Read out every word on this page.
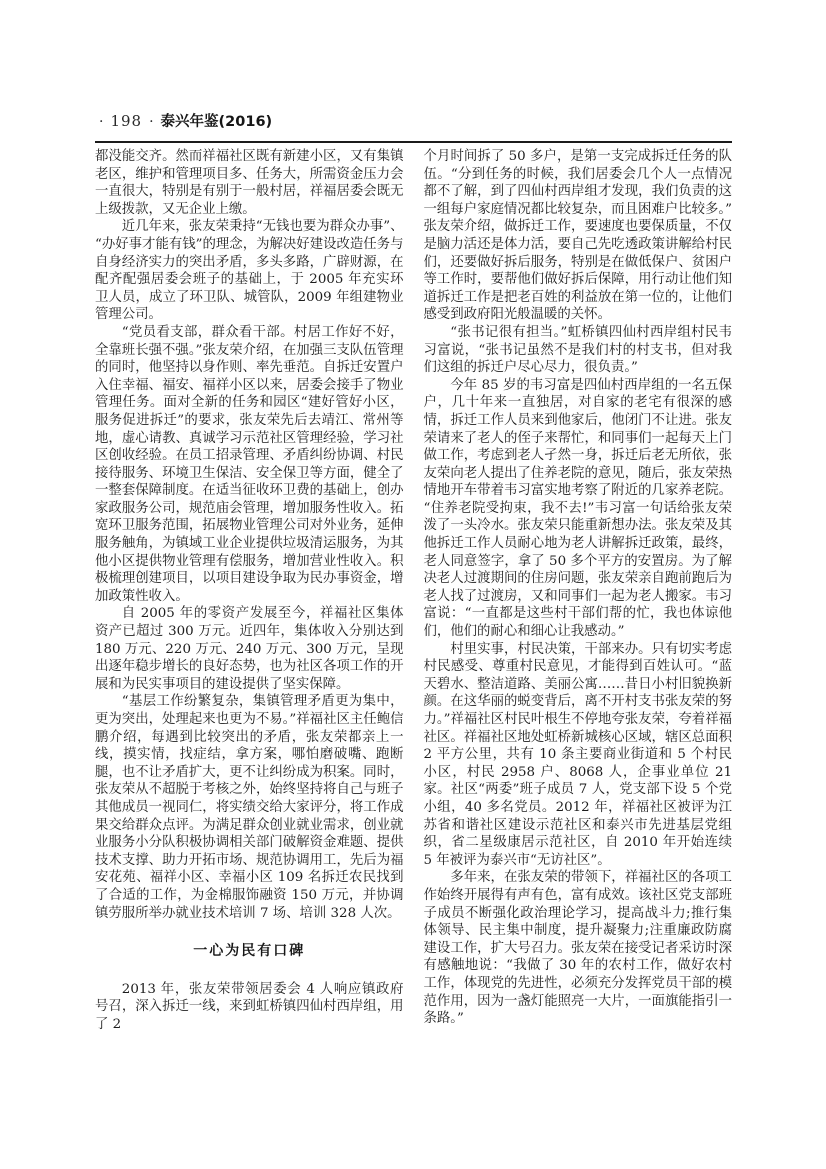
· 198 · 泰兴年鉴(2016)

都没能交齐。然而祥福社区既有新建小区，又有集镇老区，维护和管理项目多、任务大，所需资金压力会一直很大，特别是有别于一般村居，祥福居委会既无上级拨款，又无企业上缴。

近几年来，张友荣秉持“无钱也要为群众办事”、“办好事才能有钱”的理念，为解决好建设改造任务与自身经济实力的突出矛盾，多头多路，广辟财源，在配齐配强居委会班子的基础上，于 2005 年充实环卫人员，成立了环卫队、城管队，2009 年组建物业管理公司。

“党员看支部，群众看干部。村居工作好不好，全靠班长强不强。”张友荣介绍，在加强三支队伍管理的同时，他坚持以身作则、率先垂范。自拆迁安置户入住幸福、福安、福祥小区以来，居委会接手了物业管理任务。面对全新的任务和园区“建好管好小区，服务促进拆迁”的要求，张友荣先后去靖江、常州等地，虚心请教、真诚学习示范社区管理经验，学习社区创收经验。在员工招录管理、矛盾纠纷协调、村民接待服务、环境卫生保洁、安全保卫等方面，健全了一整套保障制度。在适当征收环卫费的基础上，创办家政服务公司，规范庙会管理，增加服务性收入。拓宽环卫服务范围，拓展物业管理公司对外业务，延伸服务触角，为镇域工业企业提供垃圾清运服务，为其他小区提供物业管理有偿服务，增加营业性收入。积极梳理创建项目，以项目建设争取为民办事资金，增加政策性收入。

自 2005 年的零资产发展至今，祥福社区集体资产已超过 300 万元。近四年，集体收入分别达到 180 万元、220 万元、240 万元、300 万元，呈现出逐年稳步增长的良好态势，也为社区各项工作的开展和为民实事项目的建设提供了坚实保障。

“基层工作纷繁复杂，集镇管理矛盾更为集中，更为突出，处理起来也更为不易。”祥福社区主任鲍信鹏介绍，每遇到比较突出的矛盾，张友荣都亲上一线，摸实情，找症结，拿方案，哪怕磨破嘴、跑断腿，也不让矛盾扩大，更不让纠纷成为积案。同时，张友荣从不超脱于考核之外，始终坚持将自己与班子其他成员一视同仁，将实绩交给大家评分，将工作成果交给群众点评。为满足群众创业就业需求，创业就业服务小分队积极协调相关部门破解资金难题、提供技术支撑、助力开拓市场、规范协调用工，先后为福安花苑、福祥小区、幸福小区 109 名拆迁农民找到了合适的工作，为金棉服饰融资 150 万元，并协调镇劳服所举办就业技术培训 7 场、培训 328 人次。

一心为民有口碑

2013 年，张友荣带领居委会 4 人响应镇政府号召，深入拆迁一线，来到虹桥镇四仙村西岸组，用了 2

个月时间拆了 50 多户，是第一支完成拆迁任务的队伍。“分到任务的时候，我们居委会几个人一点情况都不了解，到了四仙村西岸组才发现，我们负责的这一组每户家庭情况都比较复杂，而且困难户比较多。”张友荣介绍，做拆迁工作，要速度也要保质量，不仅是脑力活还是体力活，要自己先吃透政策讲解给村民们，还要做好拆后服务，特别是在做低保户、贫困户等工作时，要帮他们做好拆后保障，用行动让他们知道拆迁工作是把老百姓的利益放在第一位的，让他们感受到政府阳光般温暖的关怀。

“张书记很有担当。”虹桥镇四仙村西岸组村民韦习富说，“张书记虽然不是我们村的村支书，但对我们这组的拆迁户尽心尽力，很负责。”

今年 85 岁的韦习富是四仙村西岸组的一名五保户，几十年来一直独居，对自家的老宅有很深的感情，拆迁工作人员来到他家后，他闭门不让进。张友荣请来了老人的侄子来帮忙，和同事们一起每天上门做工作，考虑到老人孑然一身，拆迁后老无所依，张友荣向老人提出了住养老院的意见，随后，张友荣热情地开车带着韦习富实地考察了附近的几家养老院。“住养老院受拘束，我不去!”韦习富一句话给张友荣泼了一头冷水。张友荣只能重新想办法。张友荣及其他拆迁工作人员耐心地为老人讲解拆迁政策，最终，老人同意签字，拿了 50 多个平方的安置房。为了解决老人过渡期间的住房问题，张友荣亲自跑前跑后为老人找了过渡房，又和同事们一起为老人搬家。韦习富说：“一直都是这些村干部们帮的忙，我也体谅他们，他们的耐心和细心让我感动。”

村里实事，村民决策，干部来办。只有切实考虑村民感受、尊重村民意见，才能得到百姓认可。“蓝天碧水、整洁道路、美丽公寓……昔日小村旧貌换新颜。在这华丽的蜕变背后，离不开村支书张友荣的努力。”祥福社区村民叶根生不停地夸张友荣，夸着祥福社区。祥福社区地处虹桥新城核心区域，辖区总面积 2 平方公里，共有 10 条主要商业街道和 5 个村民小区，村民 2958 户、8068 人，企事业单位 21 家。社区“两委”班子成员 7 人，党支部下设 5 个党小组，40 多名党员。2012 年，祥福社区被评为江苏省和谐社区建设示范社区和泰兴市先进基层党组织，省二星级康居示范社区，自 2010 年开始连续 5 年被评为泰兴市“无访社区”。

多年来，在张友荣的带领下，祥福社区的各项工作始终开展得有声有色，富有成效。该社区党支部班子成员不断强化政治理论学习，提高战斗力;推行集体领导、民主集中制度，提升凝聚力;注重廉政防腐建设工作，扩大号召力。张友荣在接受记者采访时深有感触地说：“我做了 30 年的农村工作，做好农村工作，体现党的先进性，必须充分发挥党员干部的模范作用，因为一盏灯能照亮一大片，一面旗能指引一条路。”
